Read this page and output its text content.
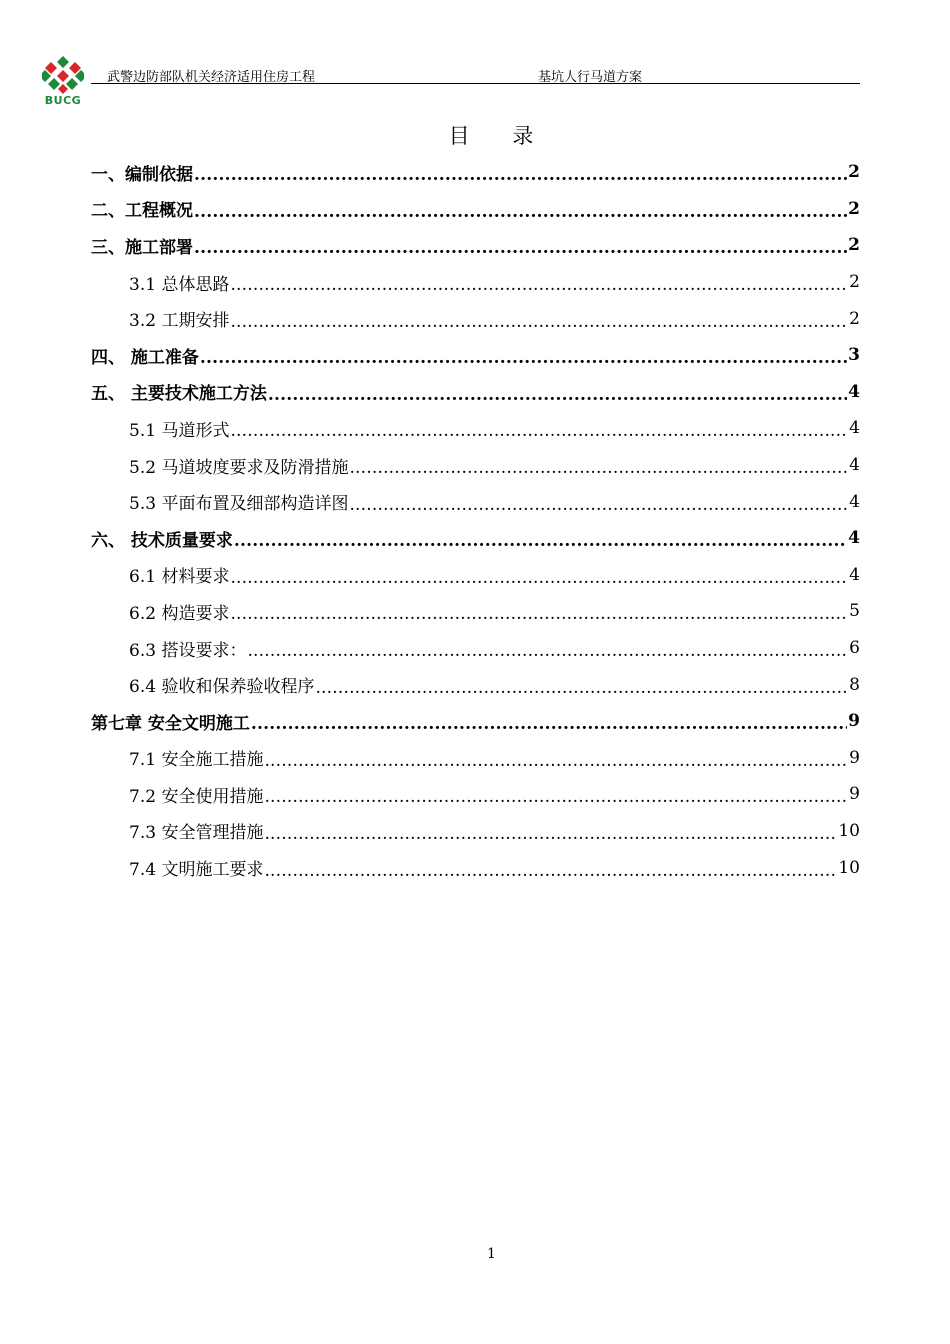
BUCG
武警边防部队机关经济适用住房工程	基坑人行马道方案
目 录
一、编制依据 .....	2
二、工程概况 .....	2
三、施工部署 .....	2
3.1 总体思路 .....	2
3.2 工期安排 .....	2
四、 施工准备 .....	3
五、 主要技术施工方法 .....	4
5.1 马道形式 .....	4
5.2 马道坡度要求及防滑措施 .....	4
5.3 平面布置及细部构造详图 .....	4
六、 技术质量要求 .....	4
6.1 材料要求 .....	4
6.2 构造要求 .....	5
6.3 搭设要求： .....	6
6.4 验收和保养验收程序 .....	8
第七章 安全文明施工 .....	9
7.1 安全施工措施 .....	9
7.2 安全使用措施 .....	9
7.3 安全管理措施 .....	10
7.4 文明施工要求 .....	10
1
